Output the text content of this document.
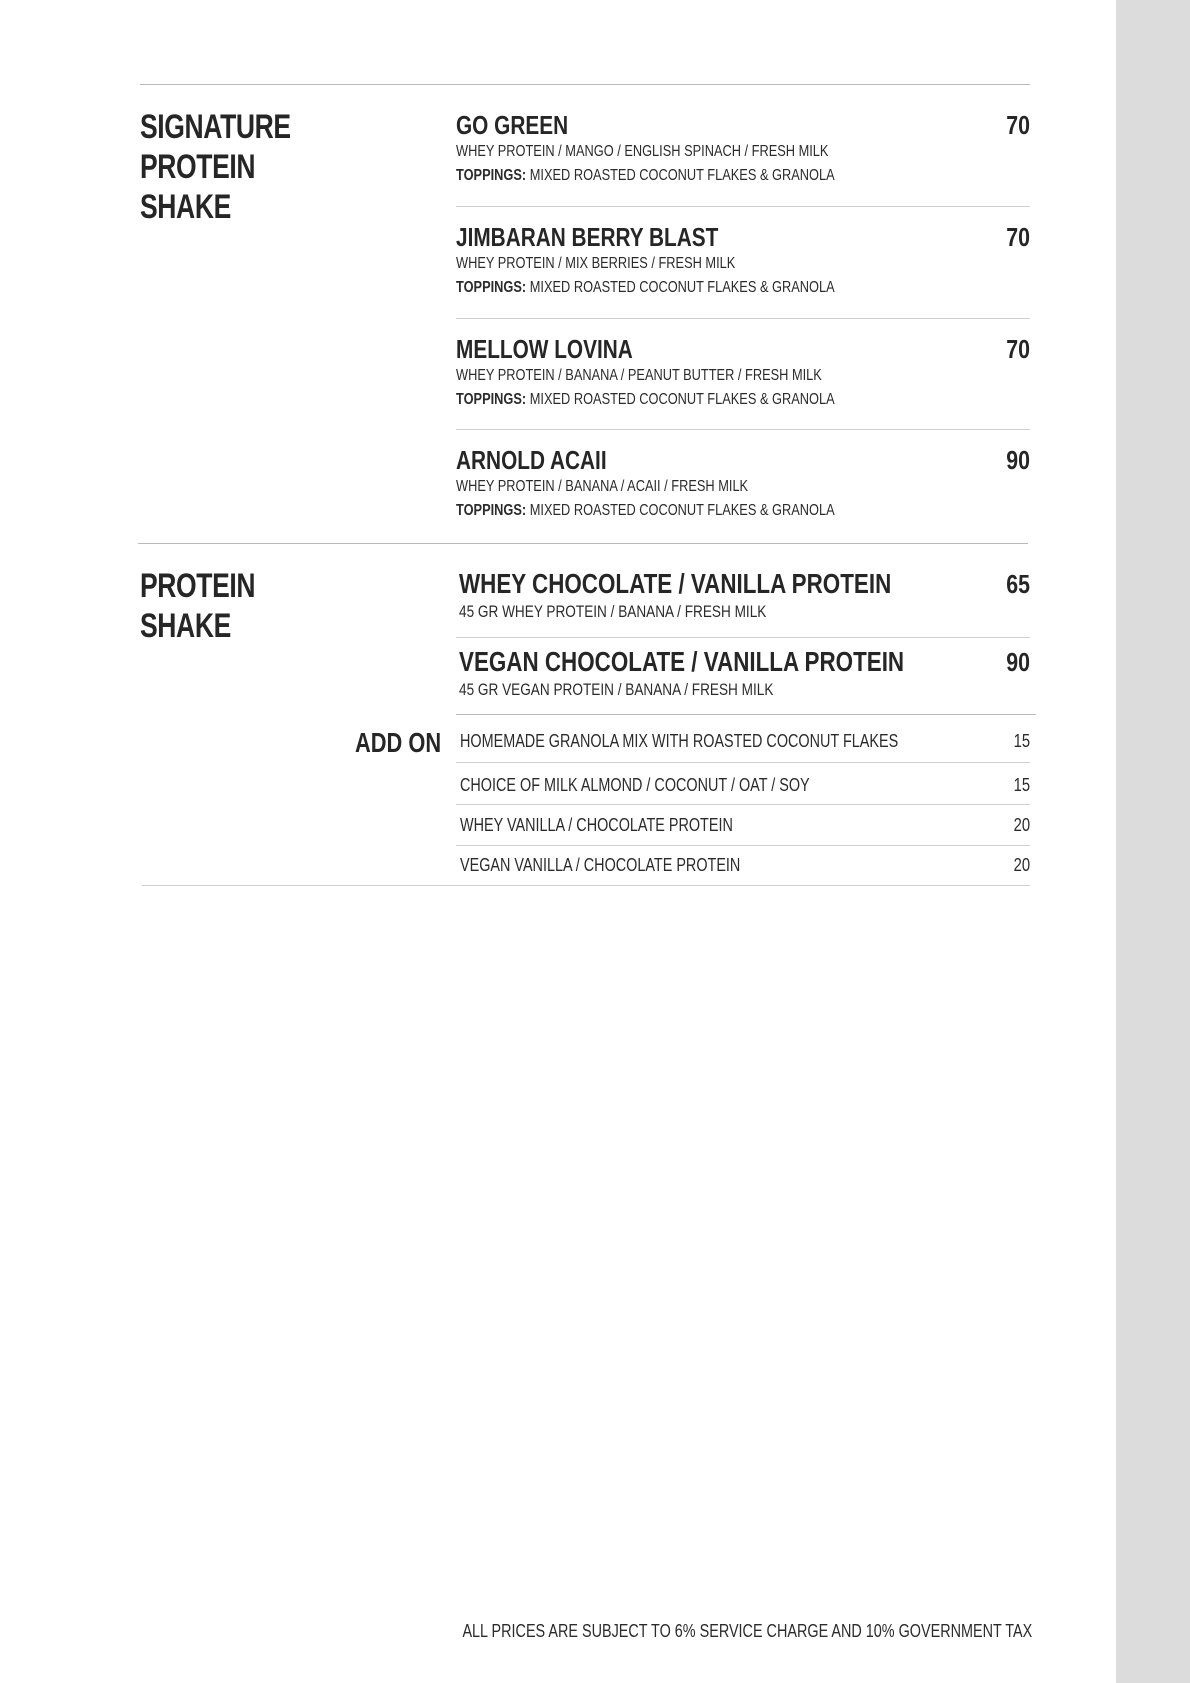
SIGNATURE
PROTEIN
SHAKE
GO GREEN	70
WHEY PROTEIN / MANGO / ENGLISH SPINACH / FRESH MILK
TOPPINGS: MIXED ROASTED COCONUT FLAKES & GRANOLA
JIMBARAN BERRY BLAST	70
WHEY PROTEIN / MIX BERRIES / FRESH MILK
TOPPINGS: MIXED ROASTED COCONUT FLAKES & GRANOLA
MELLOW LOVINA	70
WHEY PROTEIN / BANANA / PEANUT BUTTER / FRESH MILK
TOPPINGS: MIXED ROASTED COCONUT FLAKES & GRANOLA
ARNOLD ACAII	90
WHEY PROTEIN / BANANA / ACAII / FRESH MILK
TOPPINGS: MIXED ROASTED COCONUT FLAKES & GRANOLA
PROTEIN
SHAKE
WHEY CHOCOLATE / VANILLA PROTEIN	65
45 GR WHEY PROTEIN / BANANA / FRESH MILK
VEGAN CHOCOLATE / VANILLA PROTEIN	90
45 GR VEGAN PROTEIN / BANANA / FRESH MILK
ADD ON HOMEMADE GRANOLA MIX WITH ROASTED COCONUT FLAKES	15
CHOICE OF MILK ALMOND / COCONUT / OAT / SOY	15
WHEY VANILLA / CHOCOLATE PROTEIN	20
VEGAN VANILLA / CHOCOLATE PROTEIN	20
ALL PRICES ARE SUBJECT TO 6% SERVICE CHARGE AND 10% GOVERNMENT TAX
